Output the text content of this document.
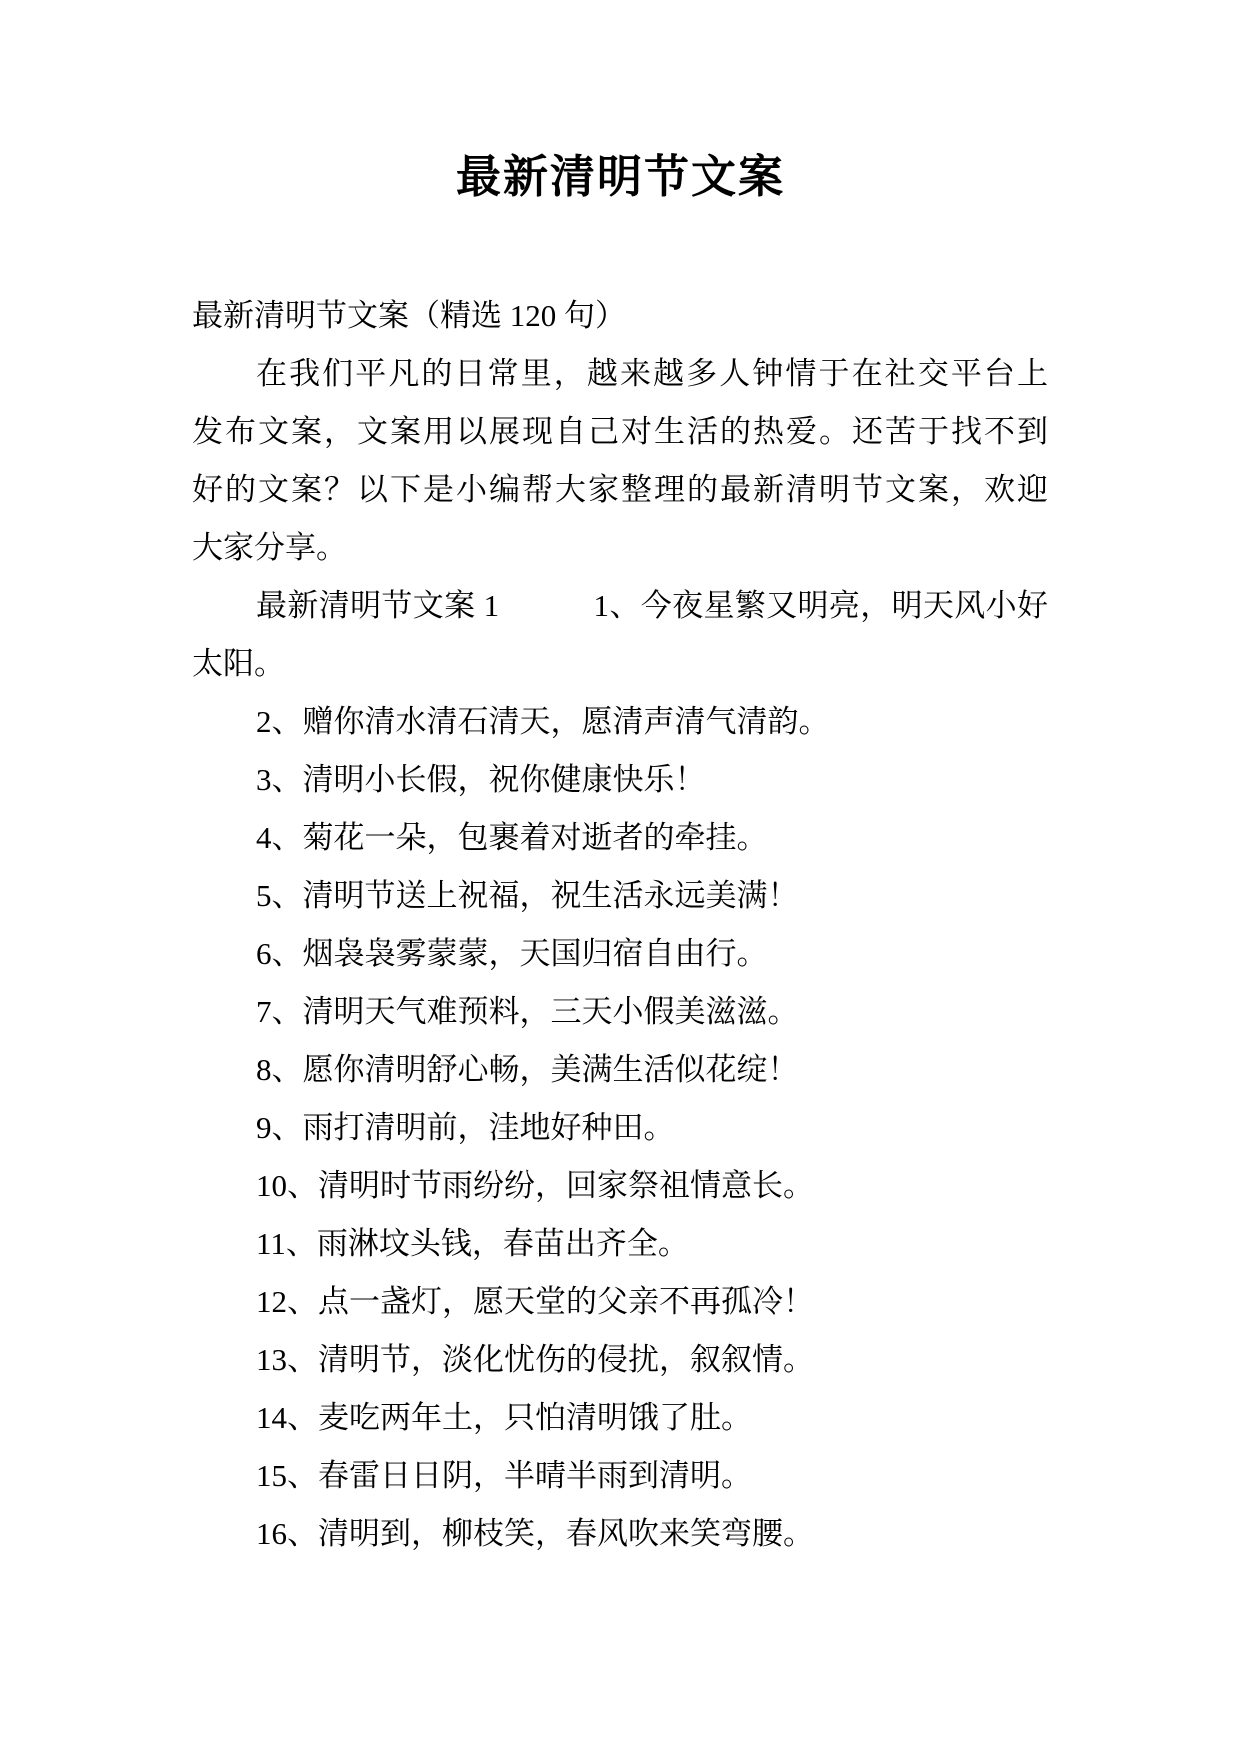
最新清明节文案
最新清明节文案（精选 120 句）
在我们平凡的日常里，越来越多人钟情于在社交平台上
发布文案，文案用以展现自己对生活的热爱。还苦于找不到
好的文案？以下是小编帮大家整理的最新清明节文案，欢迎
大家分享。
最新清明节文案 1　　　1、今夜星繁又明亮，明天风小好
太阳。
2、赠你清水清石清天，愿清声清气清韵。
3、清明小长假，祝你健康快乐！
4、菊花一朵，包裹着对逝者的牵挂。
5、清明节送上祝福，祝生活永远美满！
6、烟袅袅雾蒙蒙，天国归宿自由行。
7、清明天气难预料，三天小假美滋滋。
8、愿你清明舒心畅，美满生活似花绽！
9、雨打清明前，洼地好种田。
10、清明时节雨纷纷，回家祭祖情意长。
11、雨淋坟头钱，春苗出齐全。
12、点一盏灯，愿天堂的父亲不再孤冷！
13、清明节，淡化忧伤的侵扰，叙叙情。
14、麦吃两年土，只怕清明饿了肚。
15、春雷日日阴，半晴半雨到清明。
16、清明到，柳枝笑，春风吹来笑弯腰。
